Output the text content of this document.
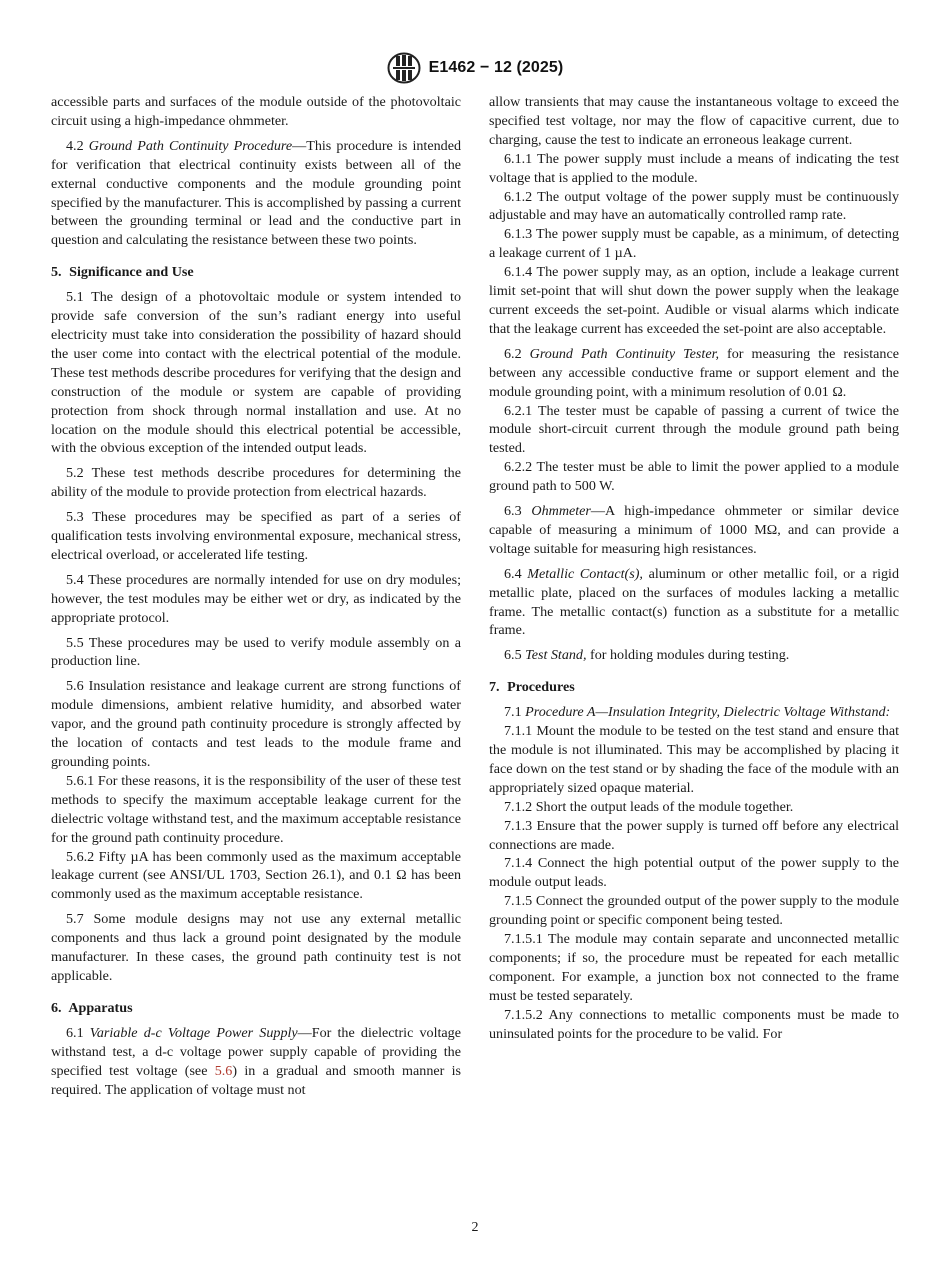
E1462 − 12 (2025)

accessible parts and surfaces of the module outside of the photovoltaic circuit using a high-impedance ohmmeter.

4.2 Ground Path Continuity Procedure—This procedure is intended for verification that electrical continuity exists between all of the external conductive components and the module grounding point specified by the manufacturer. This is accomplished by passing a current between the grounding terminal or lead and the conductive part in question and calculating the resistance between these two points.

5. Significance and Use

5.1 The design of a photovoltaic module or system intended to provide safe conversion of the sun’s radiant energy into useful electricity must take into consideration the possibility of hazard should the user come into contact with the electrical potential of the module. These test methods describe procedures for verifying that the design and construction of the module or system are capable of providing protection from shock through normal installation and use. At no location on the module should this electrical potential be accessible, with the obvious exception of the intended output leads.

5.2 These test methods describe procedures for determining the ability of the module to provide protection from electrical hazards.

5.3 These procedures may be specified as part of a series of qualification tests involving environmental exposure, mechanical stress, electrical overload, or accelerated life testing.

5.4 These procedures are normally intended for use on dry modules; however, the test modules may be either wet or dry, as indicated by the appropriate protocol.

5.5 These procedures may be used to verify module assembly on a production line.

5.6 Insulation resistance and leakage current are strong functions of module dimensions, ambient relative humidity, and absorbed water vapor, and the ground path continuity procedure is strongly affected by the location of contacts and test leads to the module frame and grounding points.

5.6.1 For these reasons, it is the responsibility of the user of these test methods to specify the maximum acceptable leakage current for the dielectric voltage withstand test, and the maximum acceptable resistance for the ground path continuity procedure.

5.6.2 Fifty µA has been commonly used as the maximum acceptable leakage current (see ANSI/UL 1703, Section 26.1), and 0.1 Ω has been commonly used as the maximum acceptable resistance.

5.7 Some module designs may not use any external metallic components and thus lack a ground point designated by the module manufacturer. In these cases, the ground path continuity test is not applicable.

6. Apparatus

6.1 Variable d-c Voltage Power Supply—For the dielectric voltage withstand test, a d-c voltage power supply capable of providing the specified test voltage (see 5.6) in a gradual and smooth manner is required. The application of voltage must not

allow transients that may cause the instantaneous voltage to exceed the specified test voltage, nor may the flow of capacitive current, due to charging, cause the test to indicate an erroneous leakage current.

6.1.1 The power supply must include a means of indicating the test voltage that is applied to the module.

6.1.2 The output voltage of the power supply must be continuously adjustable and may have an automatically controlled ramp rate.

6.1.3 The power supply must be capable, as a minimum, of detecting a leakage current of 1 µA.

6.1.4 The power supply may, as an option, include a leakage current limit set-point that will shut down the power supply when the leakage current exceeds the set-point. Audible or visual alarms which indicate that the leakage current has exceeded the set-point are also acceptable.

6.2 Ground Path Continuity Tester, for measuring the resistance between any accessible conductive frame or support element and the module grounding point, with a minimum resolution of 0.01 Ω.

6.2.1 The tester must be capable of passing a current of twice the module short-circuit current through the module ground path being tested.

6.2.2 The tester must be able to limit the power applied to a module ground path to 500 W.

6.3 Ohmmeter—A high-impedance ohmmeter or similar device capable of measuring a minimum of 1000 MΩ, and can provide a voltage suitable for measuring high resistances.

6.4 Metallic Contact(s), aluminum or other metallic foil, or a rigid metallic plate, placed on the surfaces of modules lacking a metallic frame. The metallic contact(s) function as a substitute for a metallic frame.

6.5 Test Stand, for holding modules during testing.

7. Procedures

7.1 Procedure A—Insulation Integrity, Dielectric Voltage Withstand:

7.1.1 Mount the module to be tested on the test stand and ensure that the module is not illuminated. This may be accomplished by placing it face down on the test stand or by shading the face of the module with an appropriately sized opaque material.

7.1.2 Short the output leads of the module together.

7.1.3 Ensure that the power supply is turned off before any electrical connections are made.

7.1.4 Connect the high potential output of the power supply to the module output leads.

7.1.5 Connect the grounded output of the power supply to the module grounding point or specific component being tested.

7.1.5.1 The module may contain separate and unconnected metallic components; if so, the procedure must be repeated for each metallic component. For example, a junction box not connected to the frame must be tested separately.

7.1.5.2 Any connections to metallic components must be made to uninsulated points for the procedure to be valid. For

2
